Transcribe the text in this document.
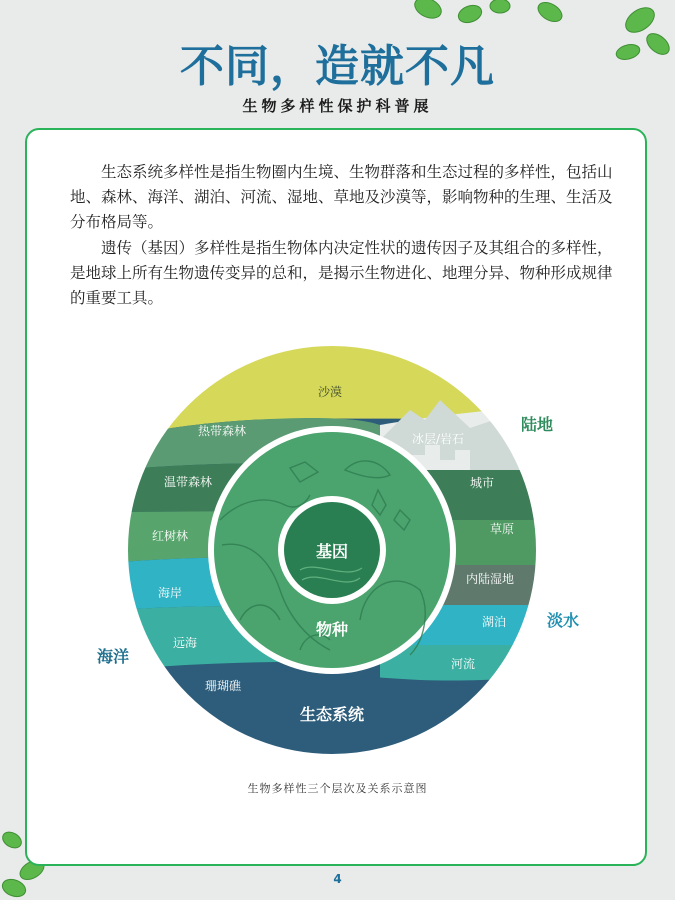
不同，造就不凡
生物多样性保护科普展

生态系统多样性是指生物圈内生境、生物群落和生态过程的多样性，包括山地、森林、海洋、湖泊、河流、湿地、草地及沙漠等，影响物种的生理、生活及分布格局等。

遗传（基因）多样性是指生物体内决定性状的遗传因子及其组合的多样性，是地球上所有生物遗传变异的总和，是揭示生物进化、地理分异、物种形成规律的重要工具。

基因
物种
生态系统
沙漠
热带森林
温带森林
红树林
海岸
远海
珊瑚礁
冰层/岩石
城市
草原
内陆湿地
湖泊
河流
陆地
淡水
海洋
生物多样性三个层次及关系示意图
4
